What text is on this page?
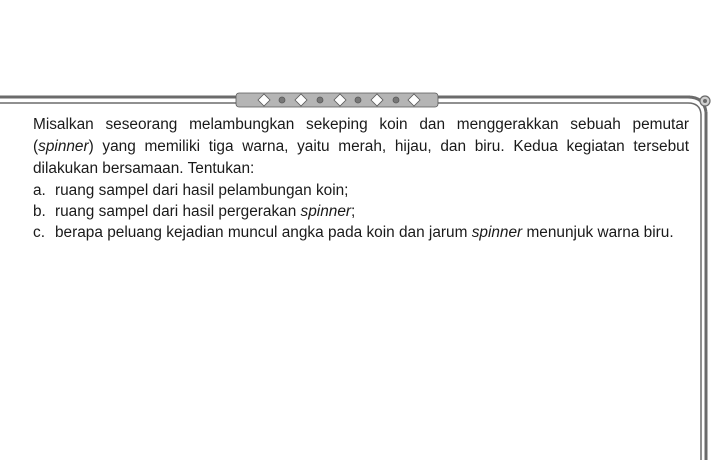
Misalkan seseorang melambungkan sekeping koin dan menggerakkan sebuah pemutar (spinner) yang memiliki tiga warna, yaitu merah, hijau, dan biru. Kedua kegiatan tersebut dilakukan bersamaan. Tentukan:

a. ruang sampel dari hasil pelambungan koin;
b. ruang sampel dari hasil pergerakan spinner;
c. berapa peluang kejadian muncul angka pada koin dan jarum spinner menunjuk warna biru.
